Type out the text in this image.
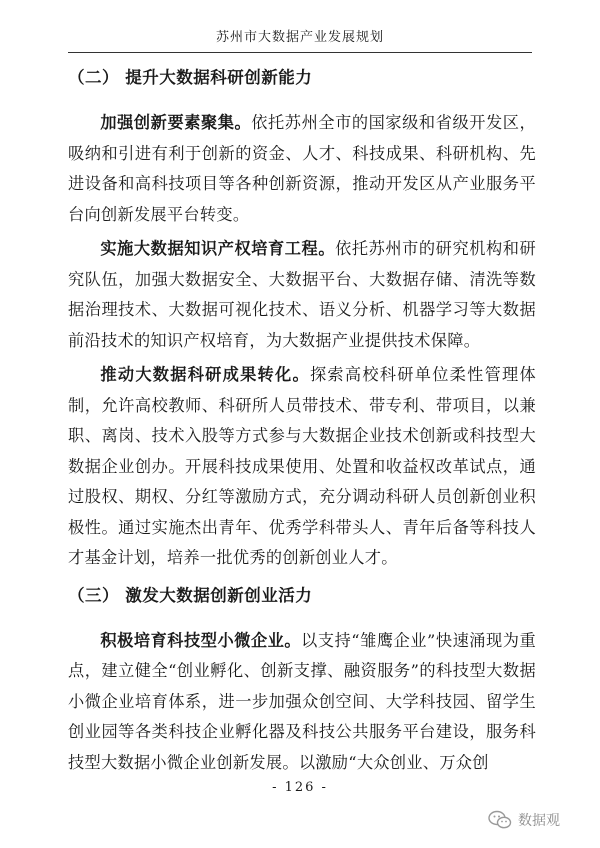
苏州市大数据产业发展规划
（二） 提升大数据科研创新能力

加强创新要素聚集。依托苏州全市的国家级和省级开发区，吸纳和引进有利于创新的资金、人才、科技成果、科研机构、先进设备和高科技项目等各种创新资源，推动开发区从产业服务平台向创新发展平台转变。

实施大数据知识产权培育工程。依托苏州市的研究机构和研究队伍，加强大数据安全、大数据平台、大数据存储、清洗等数据治理技术、大数据可视化技术、语义分析、机器学习等大数据前沿技术的知识产权培育，为大数据产业提供技术保障。

推动大数据科研成果转化。探索高校科研单位柔性管理体制，允许高校教师、科研所人员带技术、带专利、带项目，以兼职、离岗、技术入股等方式参与大数据企业技术创新或科技型大数据企业创办。开展科技成果使用、处置和收益权改革试点，通过股权、期权、分红等激励方式，充分调动科研人员创新创业积极性。通过实施杰出青年、优秀学科带头人、青年后备等科技人才基金计划，培养一批优秀的创新创业人才。

（三） 激发大数据创新创业活力

积极培育科技型小微企业。以支持“雏鹰企业”快速涌现为重点，建立健全“创业孵化、创新支撑、融资服务”的科技型大数据小微企业培育体系，进一步加强众创空间、大学科技园、留学生创业园等各类科技企业孵化器及科技公共服务平台建设，服务科技型大数据小微企业创新发展。以激励“大众创业、万众创

- 126 -
数据观
